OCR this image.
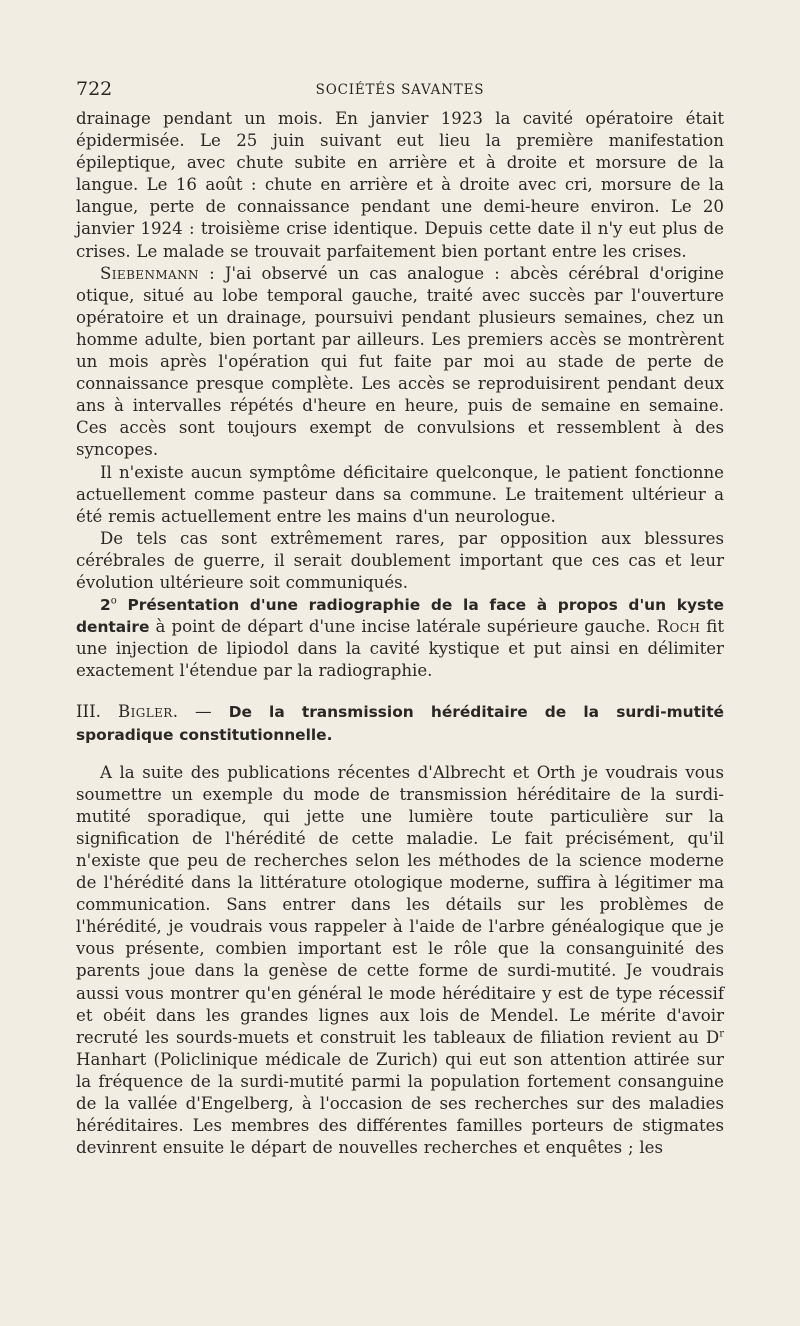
722	SOCIÉTÉS SAVANTES

drainage pendant un mois. En janvier 1923 la cavité opératoire était épidermisée. Le 25 juin suivant eut lieu la première manifestation épileptique, avec chute subite en arrière et à droite et morsure de la langue. Le 16 août : chute en arrière et à droite avec cri, morsure de la langue, perte de connaissance pendant une demi-heure environ. Le 20 janvier 1924 : troisième crise identique. Depuis cette date il n'y eut plus de crises. Le malade se trouvait parfaitement bien portant entre les crises.

Siebenmann : J'ai observé un cas analogue : abcès cérébral d'origine otique, situé au lobe temporal gauche, traité avec succès par l'ouverture opératoire et un drainage, poursuivi pendant plusieurs semaines, chez un homme adulte, bien portant par ailleurs. Les premiers accès se montrèrent un mois après l'opération qui fut faite par moi au stade de perte de connaissance presque complète. Les accès se reproduisirent pendant deux ans à intervalles répétés d'heure en heure, puis de semaine en semaine. Ces accès sont toujours exempt de convulsions et ressemblent à des syncopes.

Il n'existe aucun symptôme déficitaire quelconque, le patient fonctionne actuellement comme pasteur dans sa commune. Le traitement ultérieur a été remis actuellement entre les mains d'un neurologue.

De tels cas sont extrêmement rares, par opposition aux blessures cérébrales de guerre, il serait doublement important que ces cas et leur évolution ultérieure soit communiqués.

2$^o$ Présentation d'une radiographie de la face à propos d'un kyste dentaire à point de départ d'une incise latérale supérieure gauche. Roch fit une injection de lipiodol dans la cavité kystique et put ainsi en délimiter exactement l'étendue par la radiographie.

III. Bigler. — De la transmission héréditaire de la surdi-mutité sporadique constitutionnelle.

A la suite des publications récentes d'Albrecht et Orth je voudrais vous soumettre un exemple du mode de transmission héréditaire de la surdi-mutité sporadique, qui jette une lumière toute particulière sur la signification de l'hérédité de cette maladie. Le fait précisément, qu'il n'existe que peu de recherches selon les méthodes de la science moderne de l'hérédité dans la littérature otologique moderne, suffira à légitimer ma communication. Sans entrer dans les détails sur les problèmes de l'hérédité, je voudrais vous rappeler à l'aide de l'arbre généalogique que je vous présente, combien important est le rôle que la consanguinité des parents joue dans la genèse de cette forme de surdi-mutité. Je voudrais aussi vous montrer qu'en général le mode héréditaire y est de type récessif et obéit dans les grandes lignes aux lois de Mendel. Le mérite d'avoir recruté les sourds-muets et construit les tableaux de filiation revient au $D^r$ Hanhart (Policlinique médicale de Zurich) qui eut son attention attirée sur la fréquence de la surdi-mutité parmi la population fortement consanguine de la vallée d'Engelberg, à l'occasion de ses recherches sur des maladies héréditaires. Les membres des différentes familles porteurs de stigmates devinrent ensuite le départ de nouvelles recherches et enquêtes ; les
